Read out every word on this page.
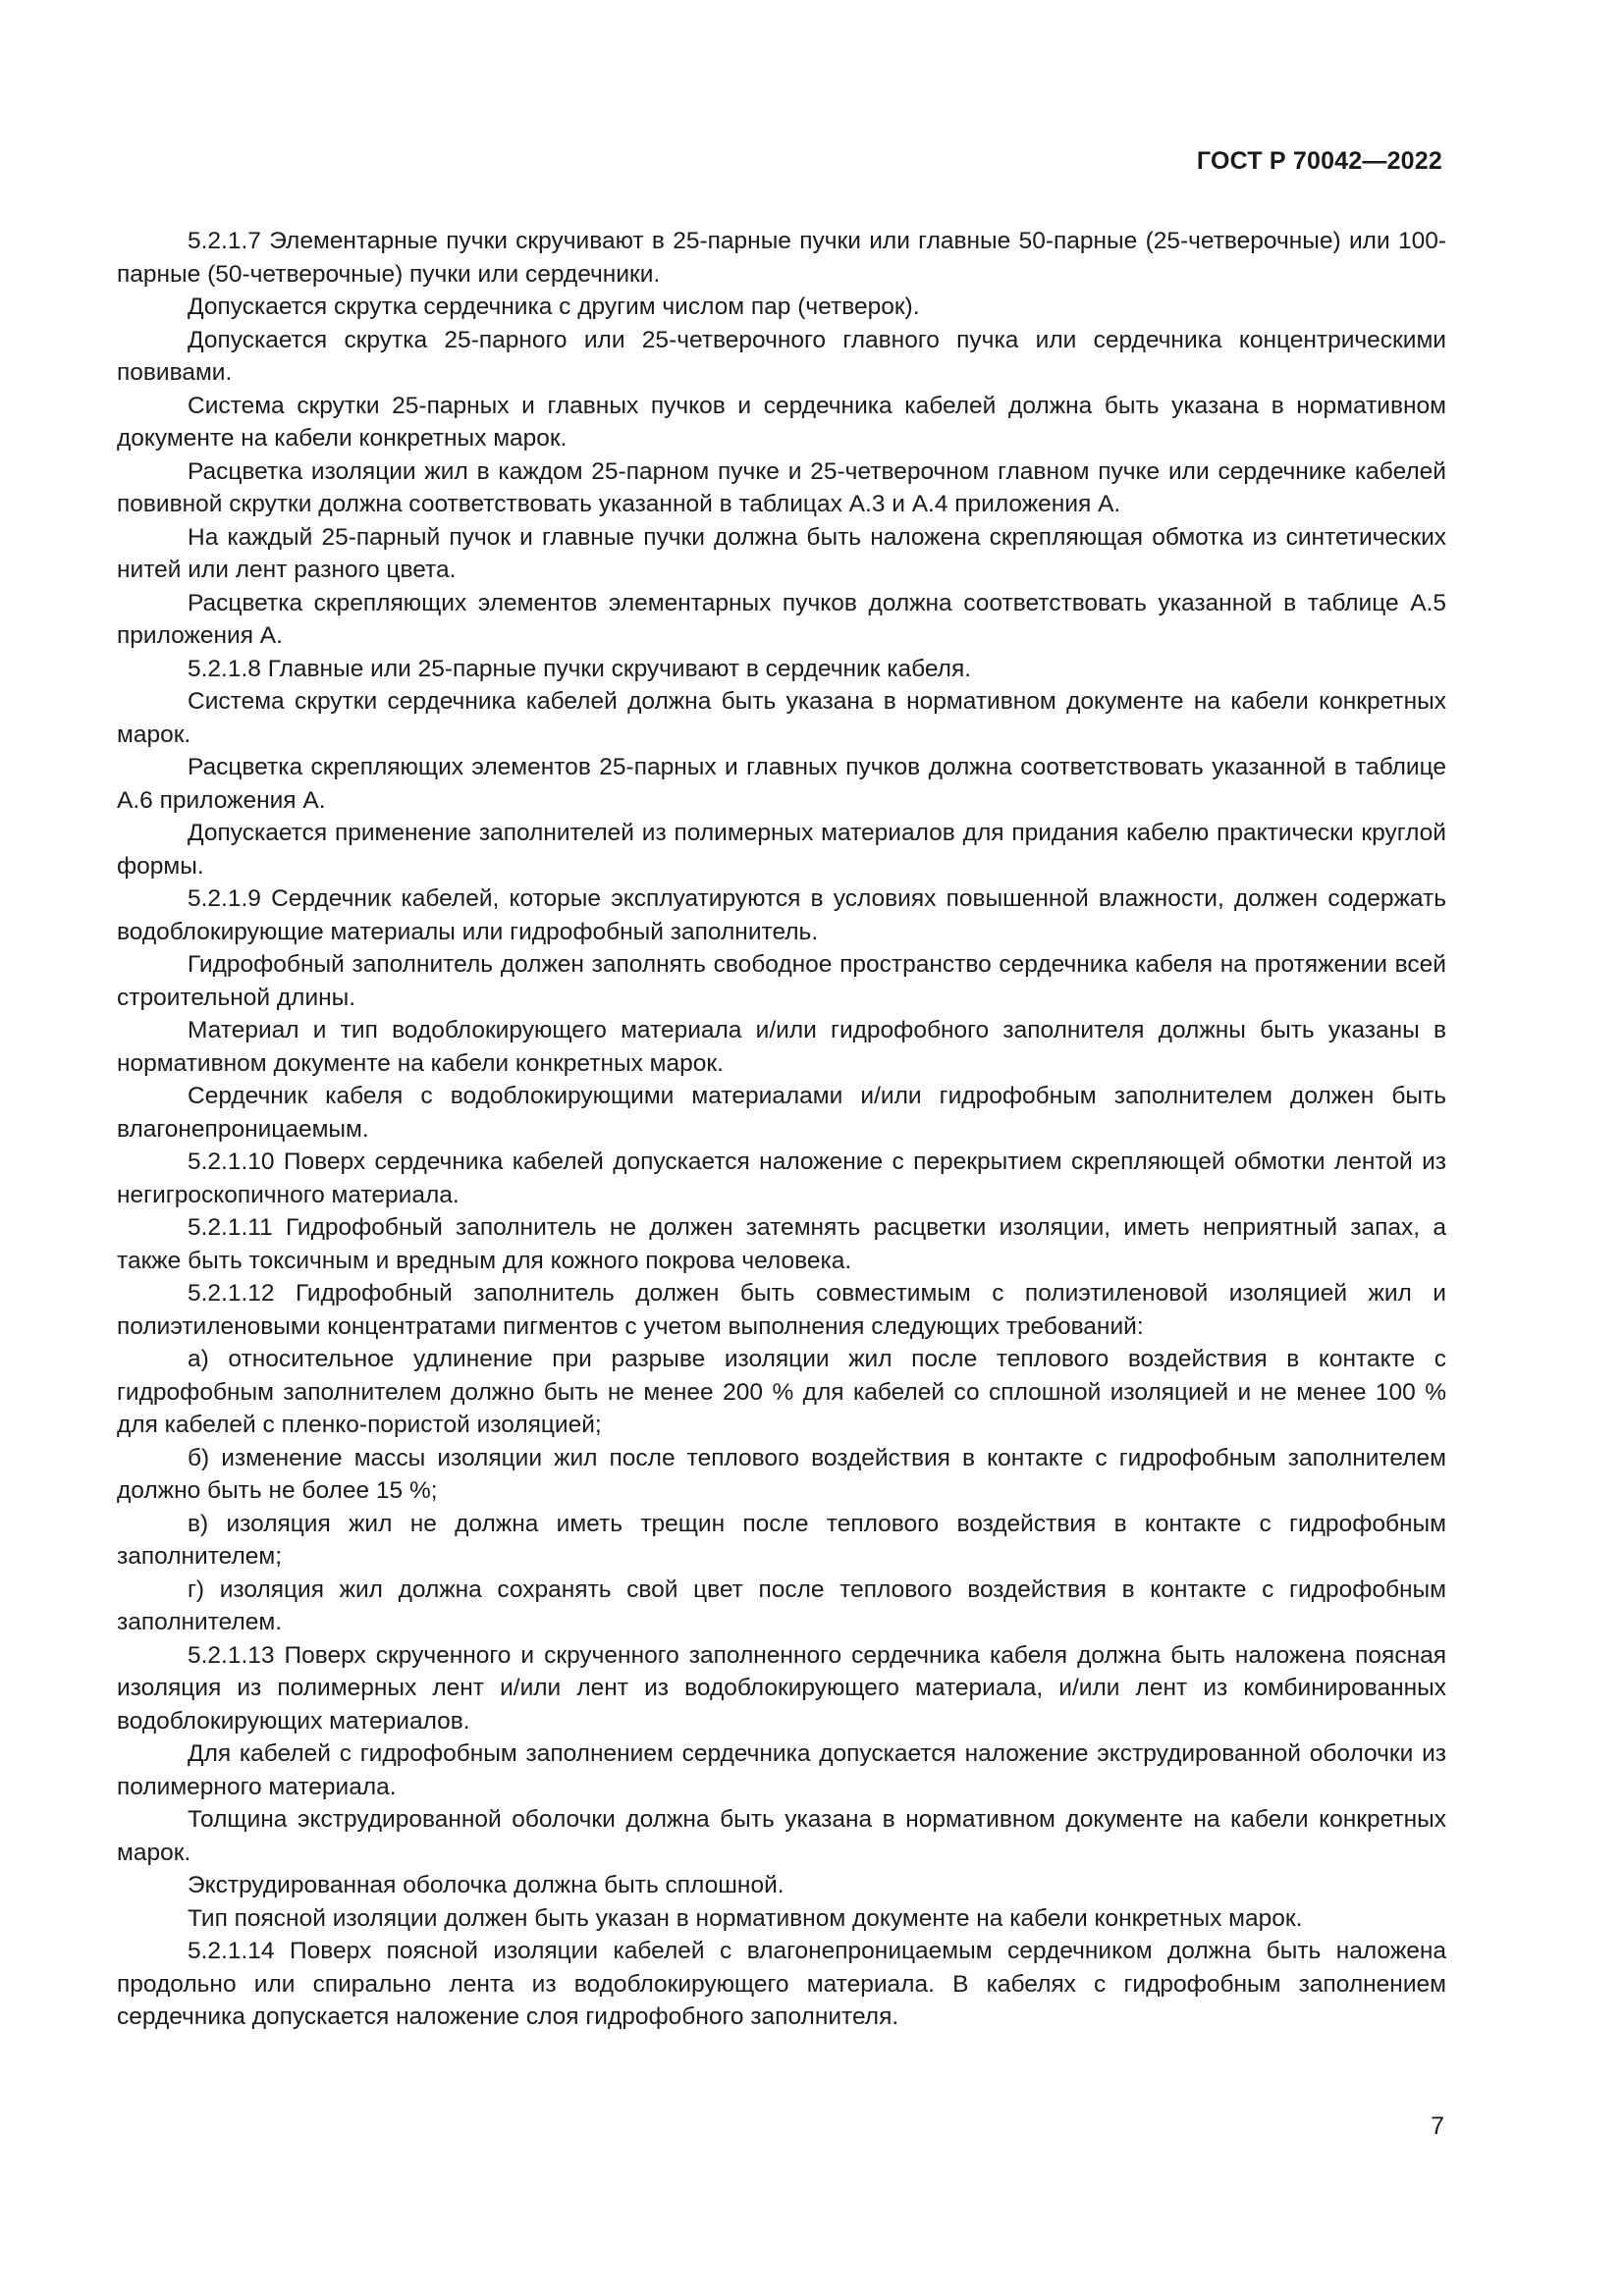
ГОСТ Р 70042—2022

5.2.1.7 Элементарные пучки скручивают в 25-парные пучки или главные 50-парные (25-четверочные) или 100-парные (50-четверочные) пучки или сердечники.

Допускается скрутка сердечника с другим числом пар (четверок).

Допускается скрутка 25-парного или 25-четверочного главного пучка или сердечника концентрическими повивами.

Система скрутки 25-парных и главных пучков и сердечника кабелей должна быть указана в нормативном документе на кабели конкретных марок.

Расцветка изоляции жил в каждом 25-парном пучке и 25-четверочном главном пучке или сердечнике кабелей повивной скрутки должна соответствовать указанной в таблицах А.3 и А.4 приложения А.

На каждый 25-парный пучок и главные пучки должна быть наложена скрепляющая обмотка из синтетических нитей или лент разного цвета.

Расцветка скрепляющих элементов элементарных пучков должна соответствовать указанной в таблице А.5 приложения А.

5.2.1.8 Главные или 25-парные пучки скручивают в сердечник кабеля.

Система скрутки сердечника кабелей должна быть указана в нормативном документе на кабели конкретных марок.

Расцветка скрепляющих элементов 25-парных и главных пучков должна соответствовать указанной в таблице А.6 приложения А.

Допускается применение заполнителей из полимерных материалов для придания кабелю практически круглой формы.

5.2.1.9 Сердечник кабелей, которые эксплуатируются в условиях повышенной влажности, должен содержать водоблокирующие материалы или гидрофобный заполнитель.

Гидрофобный заполнитель должен заполнять свободное пространство сердечника кабеля на протяжении всей строительной длины.

Материал и тип водоблокирующего материала и/или гидрофобного заполнителя должны быть указаны в нормативном документе на кабели конкретных марок.

Сердечник кабеля с водоблокирующими материалами и/или гидрофобным заполнителем должен быть влагонепроницаемым.

5.2.1.10 Поверх сердечника кабелей допускается наложение с перекрытием скрепляющей обмотки лентой из негигроскопичного материала.

5.2.1.11 Гидрофобный заполнитель не должен затемнять расцветки изоляции, иметь неприятный запах, а также быть токсичным и вредным для кожного покрова человека.

5.2.1.12 Гидрофобный заполнитель должен быть совместимым с полиэтиленовой изоляцией жил и полиэтиленовыми концентратами пигментов с учетом выполнения следующих требований:

а) относительное удлинение при разрыве изоляции жил после теплового воздействия в контакте с гидрофобным заполнителем должно быть не менее 200 % для кабелей со сплошной изоляцией и не менее 100 % для кабелей с пленко-пористой изоляцией;

б) изменение массы изоляции жил после теплового воздействия в контакте с гидрофобным заполнителем должно быть не более 15 %;

в) изоляция жил не должна иметь трещин после теплового воздействия в контакте с гидрофобным заполнителем;

г) изоляция жил должна сохранять свой цвет после теплового воздействия в контакте с гидрофобным заполнителем.

5.2.1.13 Поверх скрученного и скрученного заполненного сердечника кабеля должна быть наложена поясная изоляция из полимерных лент и/или лент из водоблокирующего материала, и/или лент из комбинированных водоблокирующих материалов.

Для кабелей с гидрофобным заполнением сердечника допускается наложение экструдированной оболочки из полимерного материала.

Толщина экструдированной оболочки должна быть указана в нормативном документе на кабели конкретных марок.

Экструдированная оболочка должна быть сплошной.

Тип поясной изоляции должен быть указан в нормативном документе на кабели конкретных марок.

5.2.1.14 Поверх поясной изоляции кабелей с влагонепроницаемым сердечником должна быть наложена продольно или спирально лента из водоблокирующего материала. В кабелях с гидрофобным заполнением сердечника допускается наложение слоя гидрофобного заполнителя.

7
